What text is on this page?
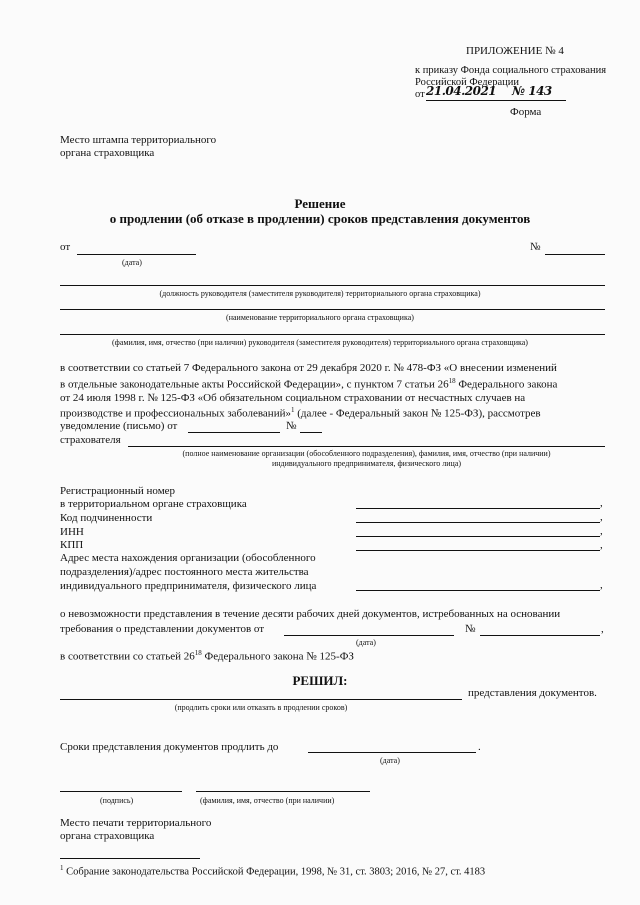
ПРИЛОЖЕНИЕ № 4
к приказу Фонда социального страхования
Российской Федерации
от 21.04.2021 № 143
Форма
Место штампа территориального
органа страховщика
Решение
о продлении (об отказе в продлении) сроков представления документов
от
(дата)
№
(должность руководителя (заместителя руководителя) территориального органа страховщика)
(наименование территориального органа страховщика)
(фамилия, имя, отчество (при наличии) руководителя (заместителя руководителя) территориального органа страховщика)
в соответствии со статьей 7 Федерального закона от 29 декабря 2020 г. № 478-ФЗ «О внесении изменений
в отдельные законодательные акты Российской Федерации», с пунктом 7 статьи $26^{18}$ Федерального закона
от 24 июля 1998 г. № 125-ФЗ «Об обязательном социальном страховании от несчастных случаев на
производстве и профессиональных заболеваний»$^1$ (далее - Федеральный закон № 125-ФЗ), рассмотрев
уведомление (письмо) от	№
страхователя
(полное наименование организации (обособленного подразделения), фамилия, имя, отчество (при наличии)
индивидуального предпринимателя, физического лица)
Регистрационный номер
в территориальном органе страховщика	,
Код подчиненности	,
ИНН	,
КПП	,
Адрес места нахождения организации (обособленного
подразделения)/адрес постоянного места жительства
индивидуального предпринимателя, физического лица	,
о невозможности представления в течение десяти рабочих дней документов, истребованных на основании
требования о представлении документов от	№	,
(дата)
в соответствии со статьей $26^{18}$ Федерального закона № 125-ФЗ
РЕШИЛ:
представления документов.
(продлить сроки или отказать в продлении сроков)
Сроки представления документов продлить до	.
(дата)
(подпись)	(фамилия, имя, отчество (при наличии)
Место печати территориального
органа страховщика
$^1$ Собрание законодательства Российской Федерации, 1998, № 31, ст. 3803; 2016, № 27, ст. 4183
